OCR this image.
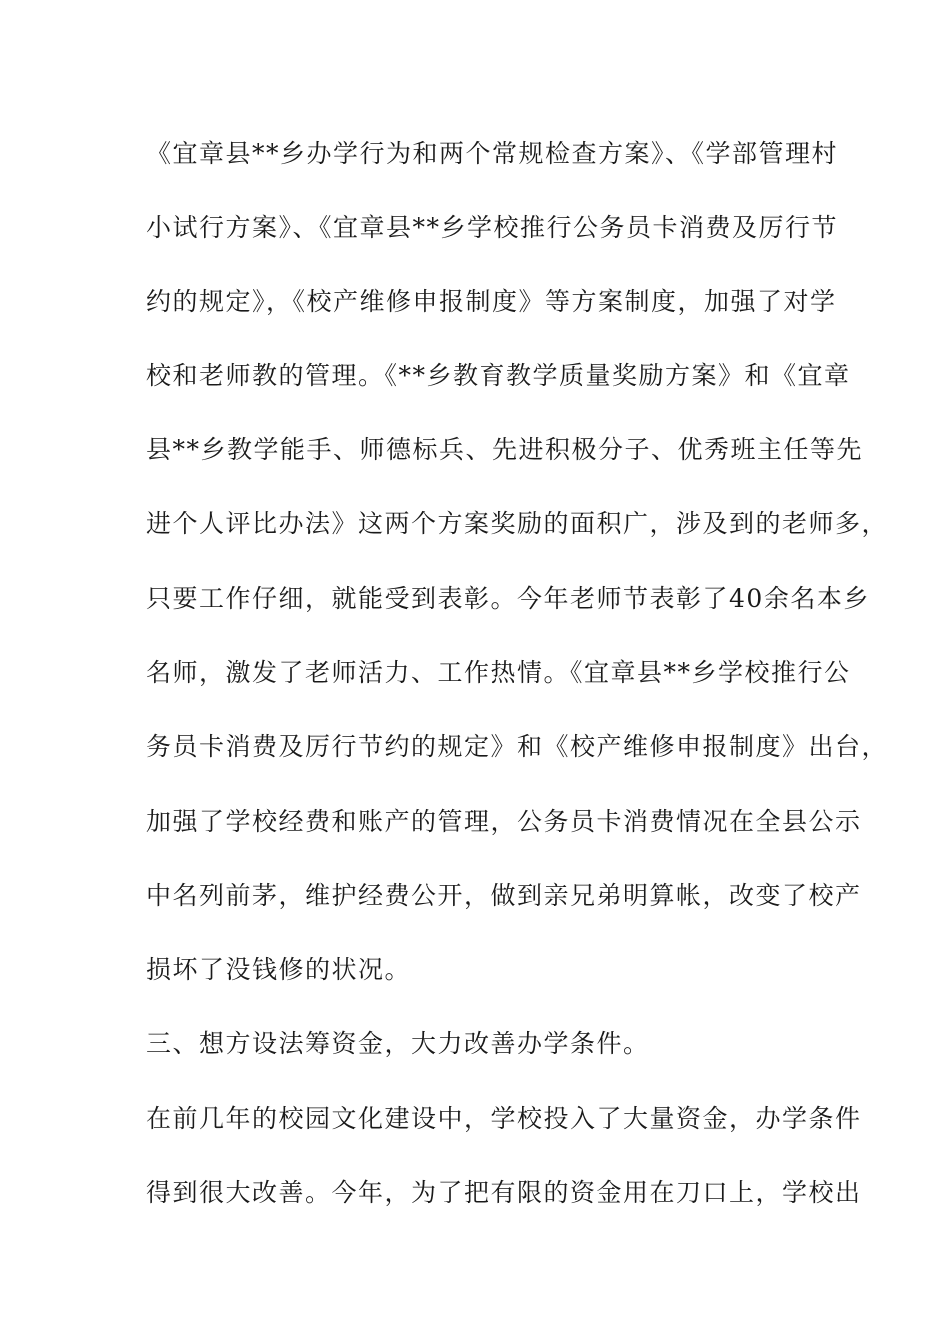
《宜章县**乡办学行为和两个常规检查方案》、《学部管理村

小试行方案》、《宜章县**乡学校推行公务员卡消费及厉行节

约的规定》，《校产维修申报制度》等方案制度，加强了对学

校和老师教的管理。《**乡教育教学质量奖励方案》和《宜章

县**乡教学能手、师德标兵、先进积极分子、优秀班主任等先

进个人评比办法》这两个方案奖励的面积广，涉及到的老师多，

只要工作仔细，就能受到表彰。今年老师节表彰了40余名本乡

名师，激发了老师活力、工作热情。《宜章县**乡学校推行公

务员卡消费及厉行节约的规定》和《校产维修申报制度》出台，

加强了学校经费和账产的管理，公务员卡消费情况在全县公示

中名列前茅，维护经费公开，做到亲兄弟明算帐，改变了校产

损坏了没钱修的状况。

三、想方设法筹资金，大力改善办学条件。

在前几年的校园文化建设中，学校投入了大量资金，办学条件

得到很大改善。今年，为了把有限的资金用在刀口上，学校出
